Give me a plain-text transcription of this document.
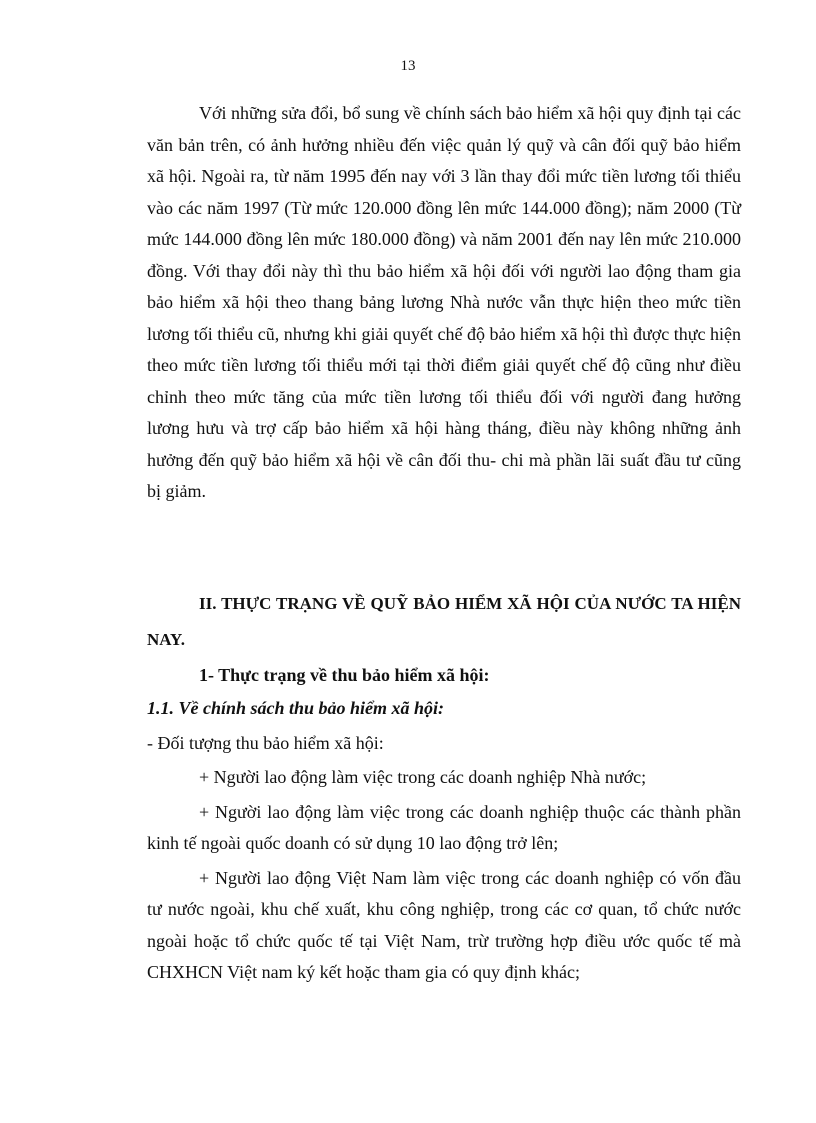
13

Với những sửa đổi, bổ sung về chính sách bảo hiểm xã hội quy định tại các văn bản trên, có ảnh hưởng nhiều đến việc quản lý quỹ và cân đối quỹ bảo hiểm xã hội. Ngoài ra, từ năm 1995 đến nay với 3 lần thay đổi mức tiền lương tối thiểu vào các năm 1997 (Từ mức 120.000 đồng lên mức 144.000 đồng); năm 2000 (Từ mức 144.000 đồng lên mức 180.000 đồng) và năm 2001 đến nay lên mức 210.000 đồng. Với thay đổi này thì thu bảo hiểm xã hội đối với người lao động tham gia bảo hiểm xã hội theo thang bảng lương Nhà nước vẫn thực hiện theo mức tiền lương tối thiểu cũ, nhưng khi giải quyết chế độ bảo hiểm xã hội thì được thực hiện theo mức tiền lương tối thiểu mới tại thời điểm giải quyết chế độ cũng như điều chỉnh theo mức tăng của mức tiền lương tối thiểu đối với người đang hưởng lương hưu và trợ cấp bảo hiểm xã hội hàng tháng, điều này không những ảnh hưởng đến quỹ bảo hiểm xã hội về cân đối thu- chi mà phần lãi suất đầu tư cũng bị giảm.

II. THỰC TRẠNG VỀ QUỸ BẢO HIỂM XÃ HỘI CỦA NƯỚC TA HIỆN NAY.

1- Thực trạng về thu bảo hiểm xã hội:

1.1. Về chính sách thu bảo hiểm xã hội:

- Đối tượng thu bảo hiểm xã hội:

+ Người lao động làm việc trong các doanh nghiệp Nhà nước;

+ Người lao động làm việc trong các doanh nghiệp thuộc các thành phần kinh tế ngoài quốc doanh có sử dụng 10 lao động trở lên;

+ Người lao động Việt Nam làm việc trong các doanh nghiệp có vốn đầu tư nước ngoài, khu chế xuất, khu công nghiệp, trong các cơ quan, tổ chức nước ngoài hoặc tổ chức quốc tế tại Việt Nam, trừ trường hợp điều ước quốc tế mà CHXHCN Việt nam ký kết hoặc tham gia có quy định khác;
